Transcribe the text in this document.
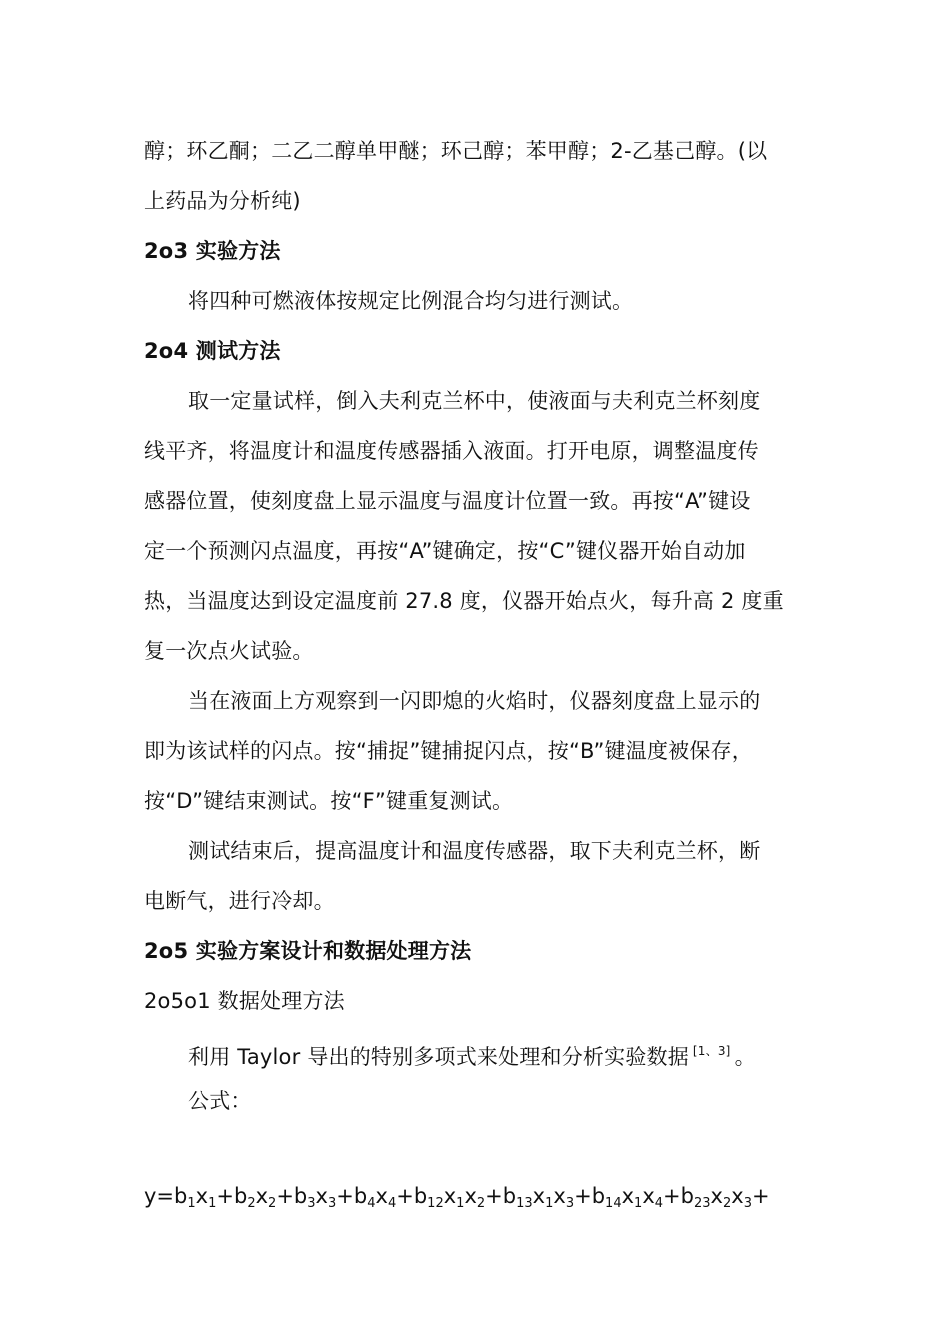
醇；环乙酮；二乙二醇单甲醚；环己醇；苯甲醇；2-乙基己醇。(以
上药品为分析纯)
2o3 实验方法
将四种可燃液体按规定比例混合均匀进行测试。
2o4 测试方法
取一定量试样，倒入夫利克兰杯中，使液面与夫利克兰杯刻度
线平齐，将温度计和温度传感器插入液面。打开电原，调整温度传
感器位置，使刻度盘上显示温度与温度计位置一致。再按“A”键设
定一个预测闪点温度，再按“A”键确定，按“C”键仪器开始自动加
热，当温度达到设定温度前 27.8 度，仪器开始点火，每升高 2 度重
复一次点火试验。
当在液面上方观察到一闪即熄的火焰时，仪器刻度盘上显示的
即为该试样的闪点。按“捕捉”键捕捉闪点，按“B”键温度被保存，
按“D”键结束测试。按“F”键重复测试。
测试结束后，提高温度计和温度传感器，取下夫利克兰杯，断
电断气，进行冷却。
2o5 实验方案设计和数据处理方法
2o5o1 数据处理方法
利用 Taylor 导出的特别多项式来处理和分析实验数据 [1、3] 。
公式：
$y=b_1x_1+b_2x_2+b_3x_3+b_4x_4+b_{12}x_1x_2+b_{13}x_1x_3+b_{14}x_1x_4+b_{23}x_2x_3+$
